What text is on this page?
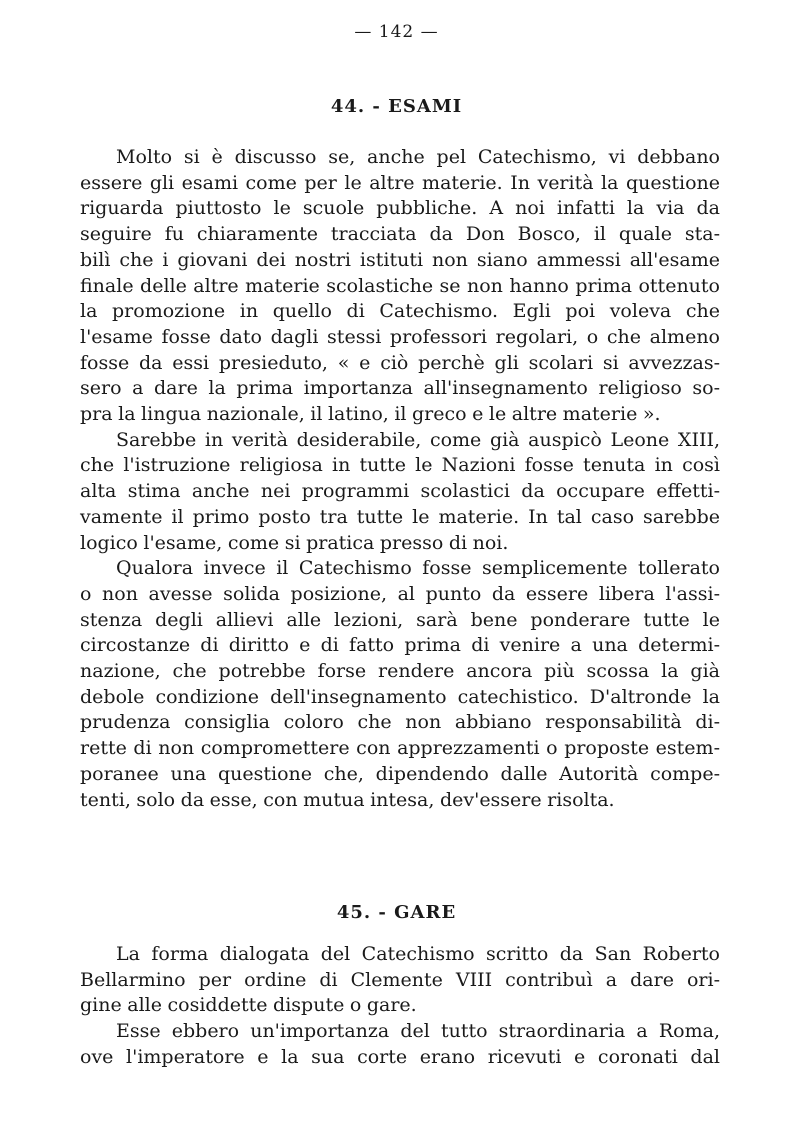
— 142 —
44. - ESAMI
Molto si è discusso se, anche pel Catechismo, vi debbano
essere gli esami come per le altre materie. In verità la questione
riguarda piuttosto le scuole pubbliche. A noi infatti la via da
seguire fu chiaramente tracciata da Don Bosco, il quale sta-
bilì che i giovani dei nostri istituti non siano ammessi all'esame
finale delle altre materie scolastiche se non hanno prima ottenuto
la promozione in quello di Catechismo. Egli poi voleva che
l'esame fosse dato dagli stessi professori regolari, o che almeno
fosse da essi presieduto, « e ciò perchè gli scolari si avvezzas-
sero a dare la prima importanza all'insegnamento religioso so-
pra la lingua nazionale, il latino, il greco e le altre materie ».
Sarebbe in verità desiderabile, come già auspicò Leone XIII,
che l'istruzione religiosa in tutte le Nazioni fosse tenuta in così
alta stima anche nei programmi scolastici da occupare effetti-
vamente il primo posto tra tutte le materie. In tal caso sarebbe
logico l'esame, come si pratica presso di noi.
Qualora invece il Catechismo fosse semplicemente tollerato
o non avesse solida posizione, al punto da essere libera l'assi-
stenza degli allievi alle lezioni, sarà bene ponderare tutte le
circostanze di diritto e di fatto prima di venire a una determi-
nazione, che potrebbe forse rendere ancora più scossa la già
debole condizione dell'insegnamento catechistico. D'altronde la
prudenza consiglia coloro che non abbiano responsabilità di-
rette di non compromettere con apprezzamenti o proposte estem-
poranee una questione che, dipendendo dalle Autorità compe-
tenti, solo da esse, con mutua intesa, dev'essere risolta.
45. - GARE
La forma dialogata del Catechismo scritto da San Roberto
Bellarmino per ordine di Clemente VIII contribuì a dare ori-
gine alle cosiddette dispute o gare.
Esse ebbero un'importanza del tutto straordinaria a Roma,
ove l'imperatore e la sua corte erano ricevuti e coronati dal
